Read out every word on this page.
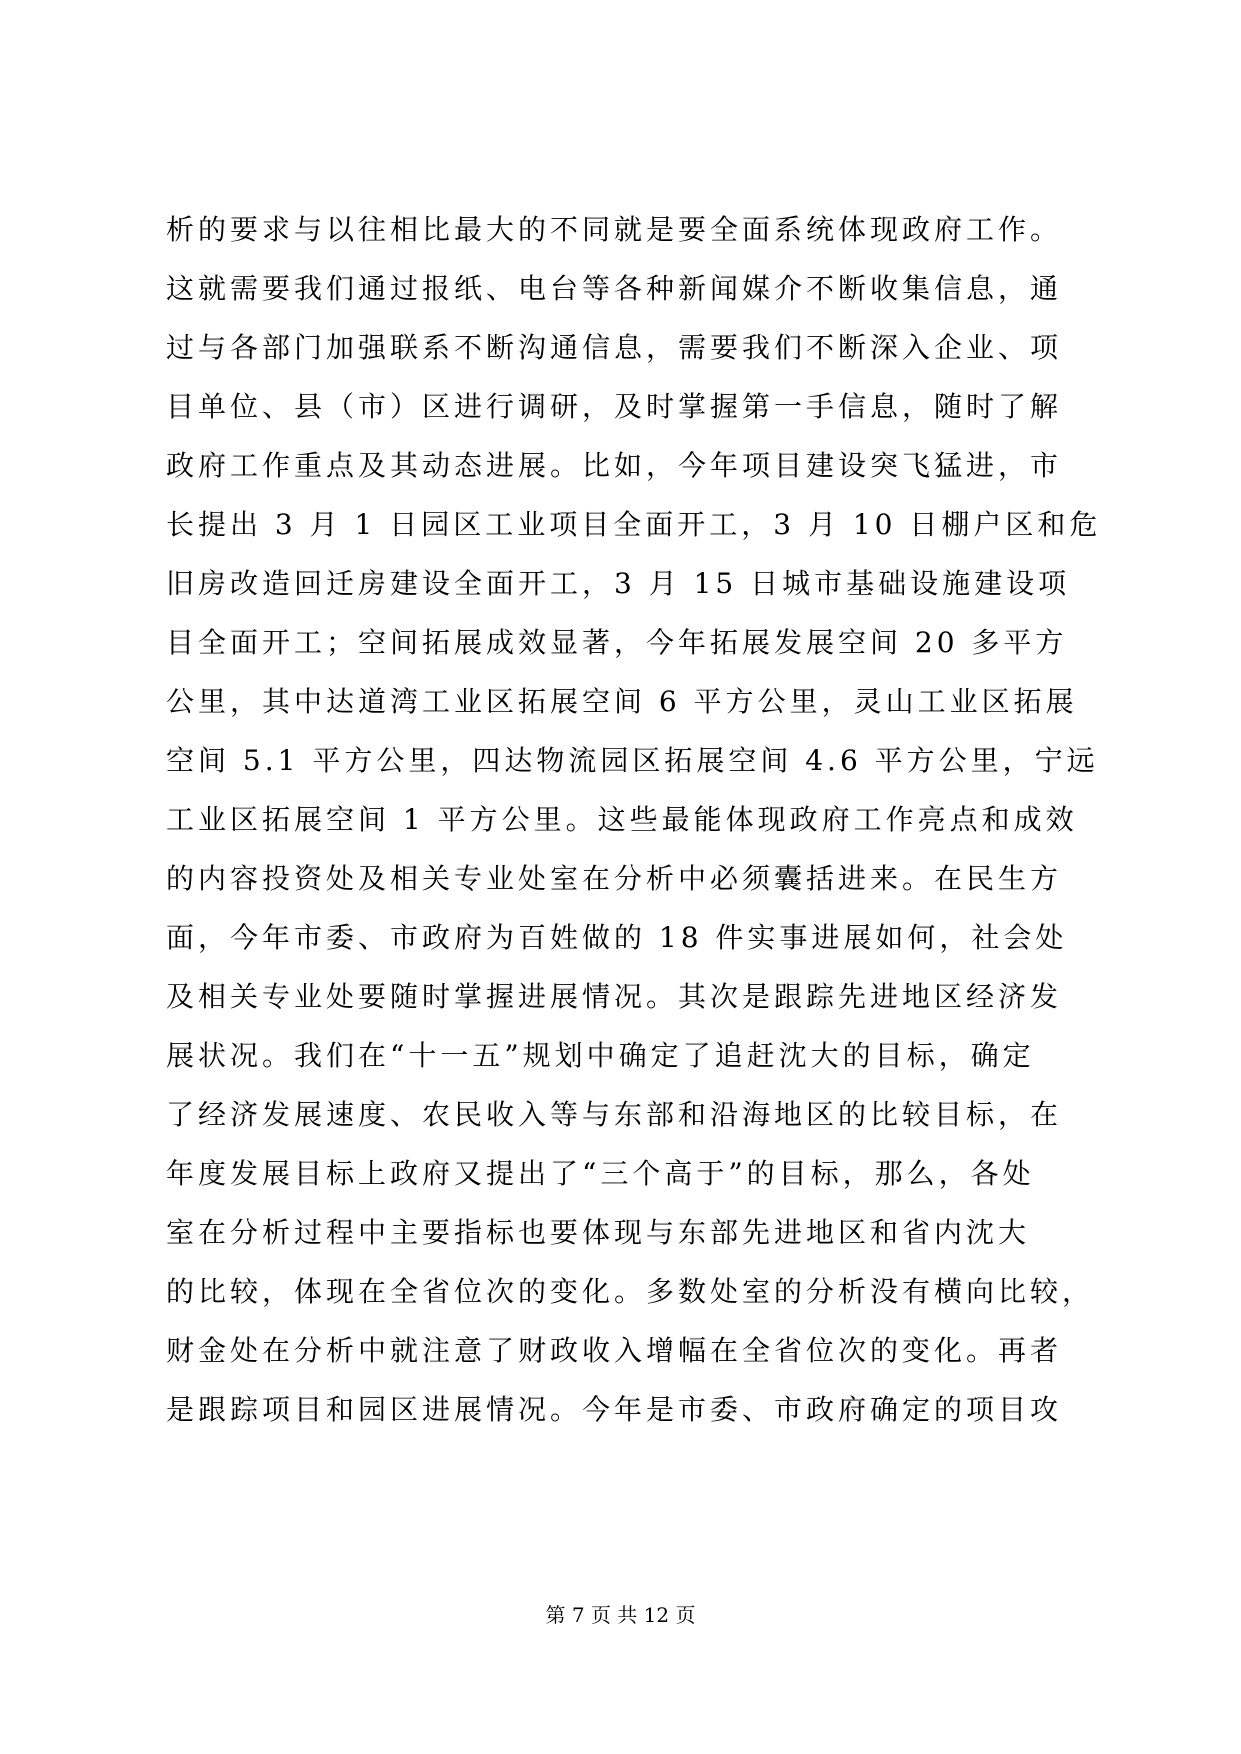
析的要求与以往相比最大的不同就是要全面系统体现政府工作。
这就需要我们通过报纸、电台等各种新闻媒介不断收集信息，通
过与各部门加强联系不断沟通信息，需要我们不断深入企业、项
目单位、县（市）区进行调研，及时掌握第一手信息，随时了解
政府工作重点及其动态进展。比如，今年项目建设突飞猛进，市
长提出 3 月 1 日园区工业项目全面开工，3 月 10 日棚户区和危
旧房改造回迁房建设全面开工，3 月 15 日城市基础设施建设项
目全面开工；空间拓展成效显著，今年拓展发展空间 20 多平方
公里，其中达道湾工业区拓展空间 6 平方公里，灵山工业区拓展
空间 5.1 平方公里，四达物流园区拓展空间 4.6 平方公里，宁远
工业区拓展空间 1 平方公里。这些最能体现政府工作亮点和成效
的内容投资处及相关专业处室在分析中必须囊括进来。在民生方
面，今年市委、市政府为百姓做的 18 件实事进展如何，社会处
及相关专业处要随时掌握进展情况。其次是跟踪先进地区经济发
展状况。我们在“十一五”规划中确定了追赶沈大的目标，确定
了经济发展速度、农民收入等与东部和沿海地区的比较目标，在
年度发展目标上政府又提出了“三个高于”的目标，那么，各处
室在分析过程中主要指标也要体现与东部先进地区和省内沈大
的比较，体现在全省位次的变化。多数处室的分析没有横向比较，
财金处在分析中就注意了财政收入增幅在全省位次的变化。再者
是跟踪项目和园区进展情况。今年是市委、市政府确定的项目攻
第 7 页 共 12 页
